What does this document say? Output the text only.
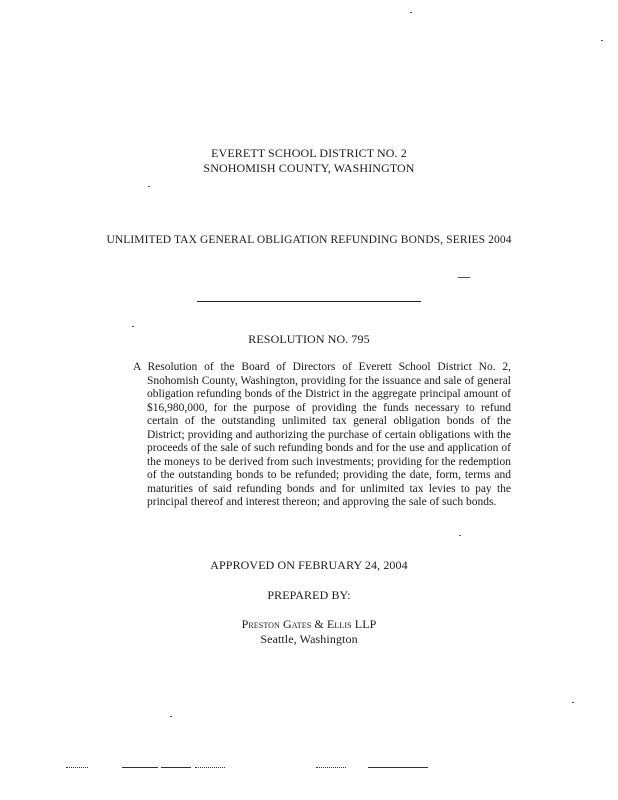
EVERETT SCHOOL DISTRICT NO. 2
SNOHOMISH COUNTY, WASHINGTON
UNLIMITED TAX GENERAL OBLIGATION REFUNDING BONDS, SERIES 2004
RESOLUTION NO. 795

A Resolution of the Board of Directors of Everett School District No. 2, Snohomish County, Washington, providing for the issuance and sale of general obligation refunding bonds of the District in the aggregate principal amount of $16,980,000, for the purpose of providing the funds necessary to refund certain of the outstanding unlimited tax general obligation bonds of the District; providing and authorizing the purchase of certain obligations with the proceeds of the sale of such refunding bonds and for the use and application of the moneys to be derived from such investments; providing for the redemption of the outstanding bonds to be refunded; providing the date, form, terms and maturities of said refunding bonds and for unlimited tax levies to pay the principal thereof and interest thereon; and approving the sale of such bonds.

APPROVED ON FEBRUARY 24, 2004
PREPARED BY:
Preston Gates & Ellis LLP
Seattle, Washington
